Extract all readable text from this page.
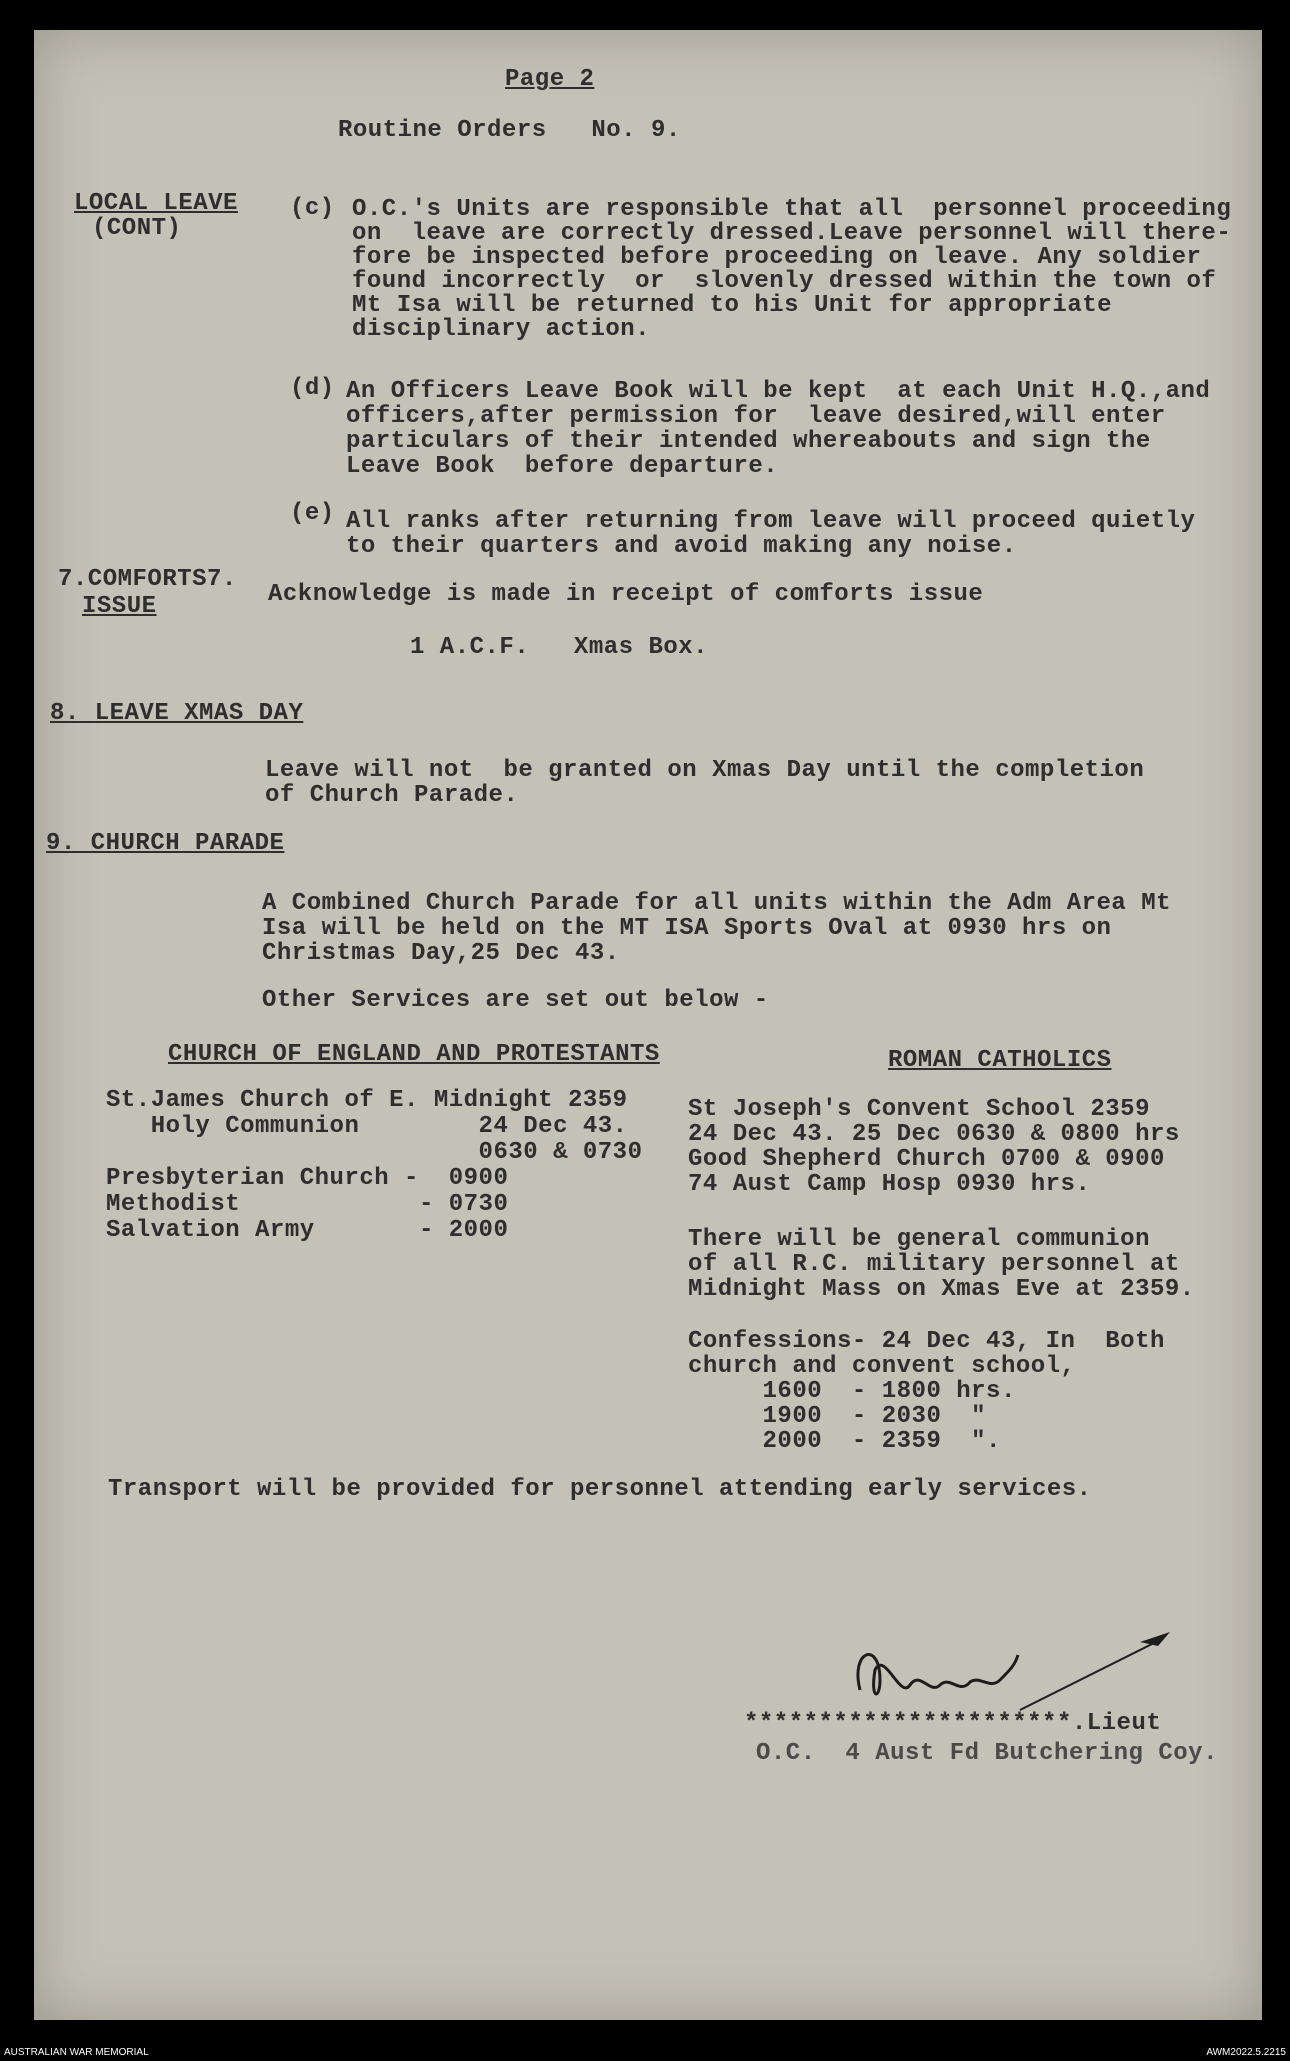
Page 2
Routine Orders   No. 9.
LOCAL LEAVE
(CONT)
(c) O.C.'s Units are responsible that all  personnel proceeding
on  leave are correctly dressed.Leave personnel will there-
fore be inspected before proceeding on leave. Any soldier
found incorrectly  or  slovenly dressed within the town of
Mt Isa will be returned to his Unit for appropriate
disciplinary action.
(d) An Officers Leave Book will be kept  at each Unit H.Q.,and
officers,after permission for  leave desired,will enter
particulars of their intended whereabouts and sign the
Leave Book  before departure.
(e) All ranks after returning from leave will proceed quietly
to their quarters and avoid making any noise.
7.COMFORTS7.
ISSUE	Acknowledge is made in receipt of comforts issue
1 A.C.F.   Xmas Box.
8. LEAVE XMAS DAY
Leave will not  be granted on Xmas Day until the completion
of Church Parade.
9. CHURCH PARADE
A Combined Church Parade for all units within the Adm Area Mt
Isa will be held on the MT ISA Sports Oval at 0930 hrs on
Christmas Day,25 Dec 43.
Other Services are set out below -
CHURCH OF ENGLAND AND PROTESTANTS
St.James Church of E. Midnight 2359
Holy Communion        24 Dec 43.
0630 & 0730
Presbyterian Church -  0900
Methodist            - 0730
Salvation Army       - 2000
ROMAN CATHOLICS
St Joseph's Convent School 2359
24 Dec 43. 25 Dec 0630 & 0800 hrs
Good Shepherd Church 0700 & 0900
74 Aust Camp Hosp 0930 hrs.
There will be general communion
of all R.C. military personnel at
Midnight Mass on Xmas Eve at 2359.
Confessions- 24 Dec 43, In  Both
church and convent school,
1600  - 1800 hrs.
1900  - 2030  "
2000  - 2359  ".
Transport will be provided for personnel attending early services.
**********************.Lieut
O.C.  4 Aust Fd Butchering Coy.
AUSTRALIAN WAR MEMORIAL	AWM2022.5.2215
